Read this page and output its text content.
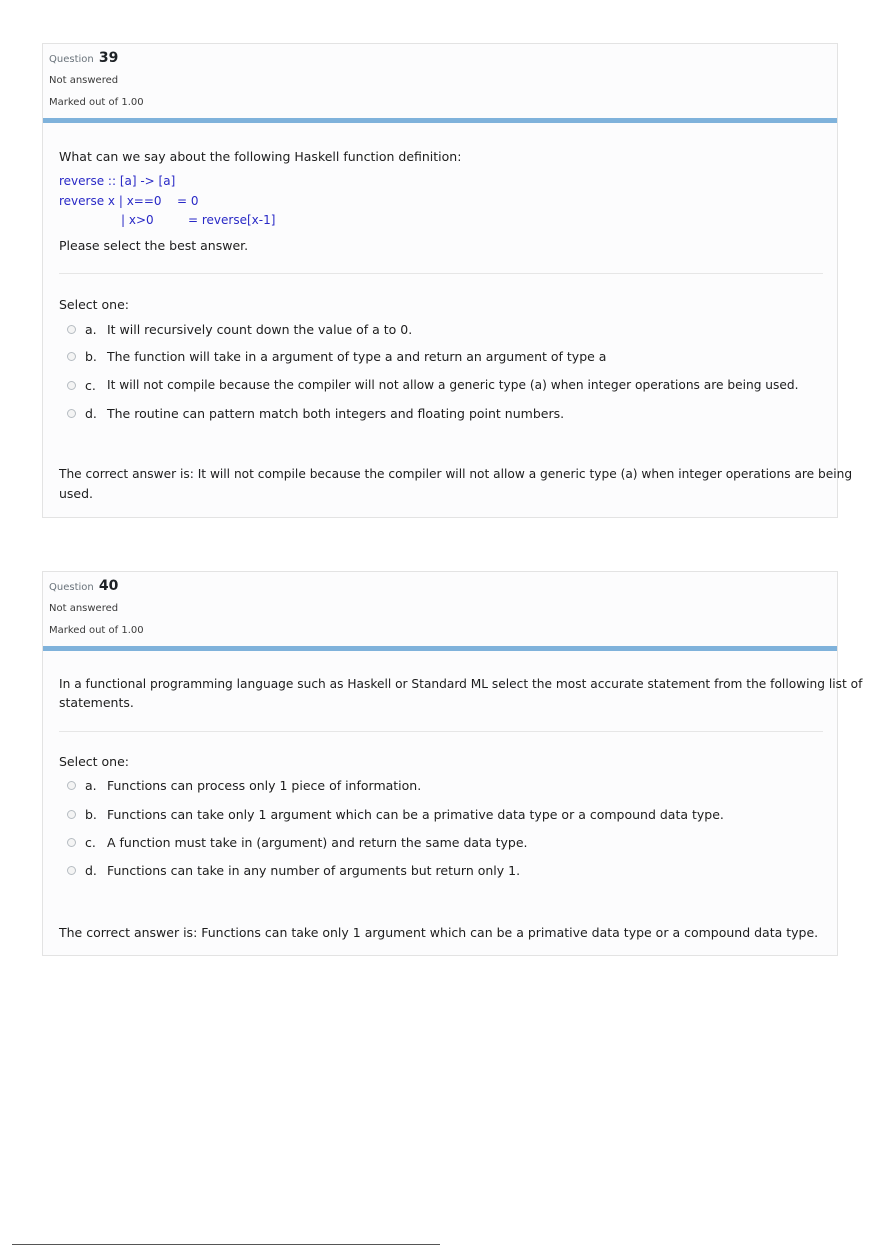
Question 39
Not answered
Marked out of 1.00
What can we say about the following Haskell function definition:
reverse :: [a] -> [a]
reverse x | x==0 = 0
| x>0	= reverse[x-1]
Please select the best answer.
Select one:
a. It will recursively count down the value of a to 0.
b. The function will take in a argument of type a and return an argument of type a
c. It will not compile because the compiler will not allow a generic type (a) when integer operations are being used.
d. The routine can pattern match both integers and floating point numbers.
The correct answer is: It will not compile because the compiler will not allow a generic type (a) when integer operations are being
used.
Question 40
Not answered
Marked out of 1.00
In a functional programming language such as Haskell or Standard ML select the most accurate statement from the following list of
statements.
Select one:
a. Functions can process only 1 piece of information.
b. Functions can take only 1 argument which can be a primative data type or a compound data type.
c. A function must take in (argument) and return the same data type.
d. Functions can take in any number of arguments but return only 1.
The correct answer is: Functions can take only 1 argument which can be a primative data type or a compound data type.
